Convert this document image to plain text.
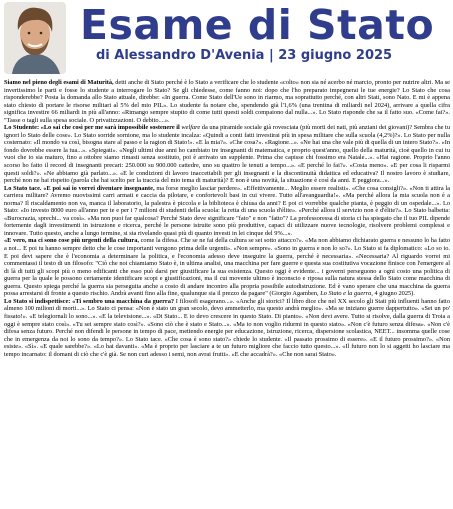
Esame di Stato
di Alessandro D'Avenia | 23 giugno 2025

Siamo nel pieno degli esami di Maturità, detti anche di Stato perché è lo Stato a verificare che lo studente «colto» non sia né acerbo né marcio, pronto per nutrire altri. Ma se invertissimo le parti e fosse lo studente a interrogare lo Stato? Se gli chiedesse, come fanno noi: dopo che l'ho preparato impegnerai le tue energie? Lo Stato che cosa risponderebbe? Posta la domanda allo Stato attuale, direbbe: «In guerra. Come Stato dell'Ue sono in riarmo, ma soprattutto perché, con altri Stati, sono Nato. E mi è appena stato chiesto di portare le risorse militari al 5% del mio PIL». Lo studente fa notare che, spendendo già l'1,6% (una trentina di miliardi nel 2024), arrivare a quella cifra significa investire 66 miliardi in più all'anno: «Rimango sempre stupito di come tutti questi soldi compaiono dal nulla...». Lo Stato risponde che sa il fatto suo. «Come fai?». "Tasse o tagli sulla spesa sociale. O privatizzazioni. O debito....».

Lo Studente: «Lo sai che così per me sarà impossibile sostenere il welfare da una piramide sociale già rovesciata (più morti dei nati, più anziani dei giovani)? Sembra che tu ignori lo Stato delle cose». Lo Stato sorride sornione, ma lo studente incalza: «Quindi a conti fatti investirai più in spesa militare che sulla scuola (4,2%)?». Lo Stato per nulla costernato: «Il mondo va così, bisogna stare al passo e la ragion di Stato!». «E la mia?». «Che cosa?». «Ragione...». «Ne hai una che vale più di quella di un intero Stato?». «In fondo dovrebbe essere la tua...». «Spiegati». «Negli ultimi due anni ho cambiato tre insegnanti di matematica, e proprio quest'anno, quello della maturità, cioè quello in cui tu vuoi che io sia maturo, fino a ottobre siamo rimasti senza sostituto, poi è arrivato un supplente. Prima che capisse chi fossimo era Natale...». «Hai ragione. Proprio l'anno scorso ho fatto il record di insegnanti precari: 250.000 su 900.000 cattedre, uno su quattro le tenuti a tempo...». «E perché lo fai?». «Costa meno». «E per cosa li risparmi questi soldi?». «Ne abbiamo già parlato...». «E le condizioni di lavoro inaccettabili per gli insegnanti e la discontinuità didattica ed educativa? Il nostro lavoro è studiare, perché non ne hai rispetto (parola che hai scelto per la traccia del mio tema di maturità)? E non è una novità, la situazione è così da anni. E peggiora...».

Lo Stato tace. «E poi sai io vorrei diventare insegnante, ma forse meglio lasciar perdere». «Effettivamente... Meglio essere realisti». «Che cosa consigli?». «Non ti attira la carriera militare? Avremo nuovissimi carri armati e caccia da pilotare, e confortevoli basi in cui vivere. Tutto all'avanguardia!». «Ma perché allora la mia scuola non è a norma? Il riscaldamento non va, manca il laboratorio, la palestra è piccola e la biblioteca è chiusa da anni? E poi ci vorrebbe qualche pianta, è peggio di un ospedale...». Lo Stato: «Io investo 8000 euro all'anno per te e per i 7 milioni di studenti della scuola: la retta di una scuola d'élite». «Perché allora il servizio non è d'élite?». Lo Stato balbetta: «Burocrazia, sprechi... va così». «Ma non puoi far qualcosa? Perché Stato deve significare "fato" e non "fatto"? La professoressa di storia ci ha spiegato che il tuo PIL dipende fortemente dagli investimenti in istruzione e ricerca, perché le persone istruite sono più produttive, capaci di utilizzare nuove tecnologie, risolvere problemi complessi e innovare. Tutto questo, anche a lungo termine, si sta rivelando quasi più di quanto investi in lei cinque del 9%...».

«E vero, ma ci sono cose più urgenti della cultura, come la difesa. Che se ne fai della cultura se sei sotto attacco?». «Ma non abbiamo dichiarato guerra e nessuno lo ha fatto a noi... E poi tu hanno sempre detto che le cose importanti vengono prima delle urgenti». «Non sempre». «Sono in guerra e non lo so?». Lo Stato si fa diplomatico: «Lo so io. E poi devi sapere che è l'economia a determinare la politica, e l'economia adesso deve inseguire la guerra, perché è necessaria». «Necessaria? Al riguardo vorrei mi commentassi il testo di un filosofo: "Ciò che noi chiamiamo Stato è, in ultima analisi, una macchina per fare guerre e questa sua costitutiva vocazione finisce con l'emergere al di là di tutti gli scopi più o meno edificanti che esso può darsi per giustificare la sua esistenza. Questo oggi è evidente... i governi perseguono a ogni costo una politica di guerra per la quale le possono certamente identificare scopi e giustificazioni, ma il cui movente ultimo è inconscio e riposa sulla natura stessa dello Stato come macchina di guerra. Questo spiega perché la guerra sia perseguita anche a costo di andare incontro alla propria possibile autodistruzione. Ed è vano sperare che una macchina da guerra possa arrestarsi di fronte a questo rischio. Andrà avanti fino alla fine, qualunque sia il prezzo da pagare" (Giorgio Agamben, Lo Stato e la guerra, 4 giugno 2025).

Lo Stato si indispettisce: «Ti sembro una macchina da guerra? I filosofi esagerano...». «Anche gli storici? Il libro dice che nel XX secolo gli Stati più influenti hanno fatto almeno 100 milioni di morti...». Lo Stato ci pensa: «Non è stato un gran secolo, devo ammetterlo, ma questo andrà meglio». «Ma se iniziano guerre dappertutto». «Sei un po' fissato!». «E telegiornali lo sono...». «E la televisione...». «Di Stato... E io devo crescere in questo Stato. Di pianto». «Non devi avere. Tutto si risolve, dalla guerra di Troia a oggi è sempre stato così». «Tu sei sempre stato così?». «Sono ciò che è stato e Stato...». «Ma io non voglio ridurmi in questo stato». «Non c'è futuro senza difesa». «Non c'è difesa senza futuro. Perché non difendi le persone in tempo di pace, mettendo energie per educazione, istruzione, ricerca, dispersione scolastica, NEET... insomma quelle cose che in emergenza da noi lo sono da tempo?». Lo Stato tace. «Che cosa è sono stato?» chiede lo studente. «Il passato prossimo di essere». «E il futuro prossimo?». «Non esiste». «Sì». «E quale sarebbe?». «Lo hai davanti». «Ma è proprio per lasciare a te un futuro migliore che faccio tutto questo...». «Il futuro non lo si aggetti ho lasciare ma tempo incarnato: il domani di ciò che c'è già. Se non curi adesso i semi, non avrai frutti». «E che accadrà?». «Che non sarai Stato».
